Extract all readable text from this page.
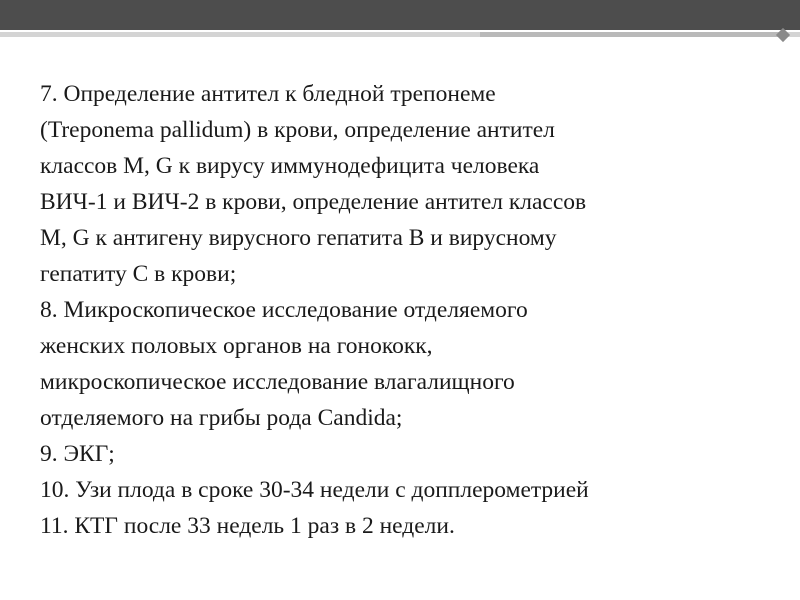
7. Определение антител к бледной трепонеме
(Treponema pallidum) в крови, определение антител
классов M, G к вирусу иммунодефицита человека
ВИЧ-1 и ВИЧ-2 в крови, определение антител классов
M, G к антигену вирусного гепатита B и вирусному
гепатиту C в крови;
8. Микроскопическое исследование отделяемого
женских половых органов на гонококк,
микроскопическое исследование влагалищного
отделяемого на грибы рода Candida;
9. ЭКГ;
10. Узи плода в сроке 30-34 недели с допплерометрией
11. КТГ после 33 недель 1 раз в 2 недели.
